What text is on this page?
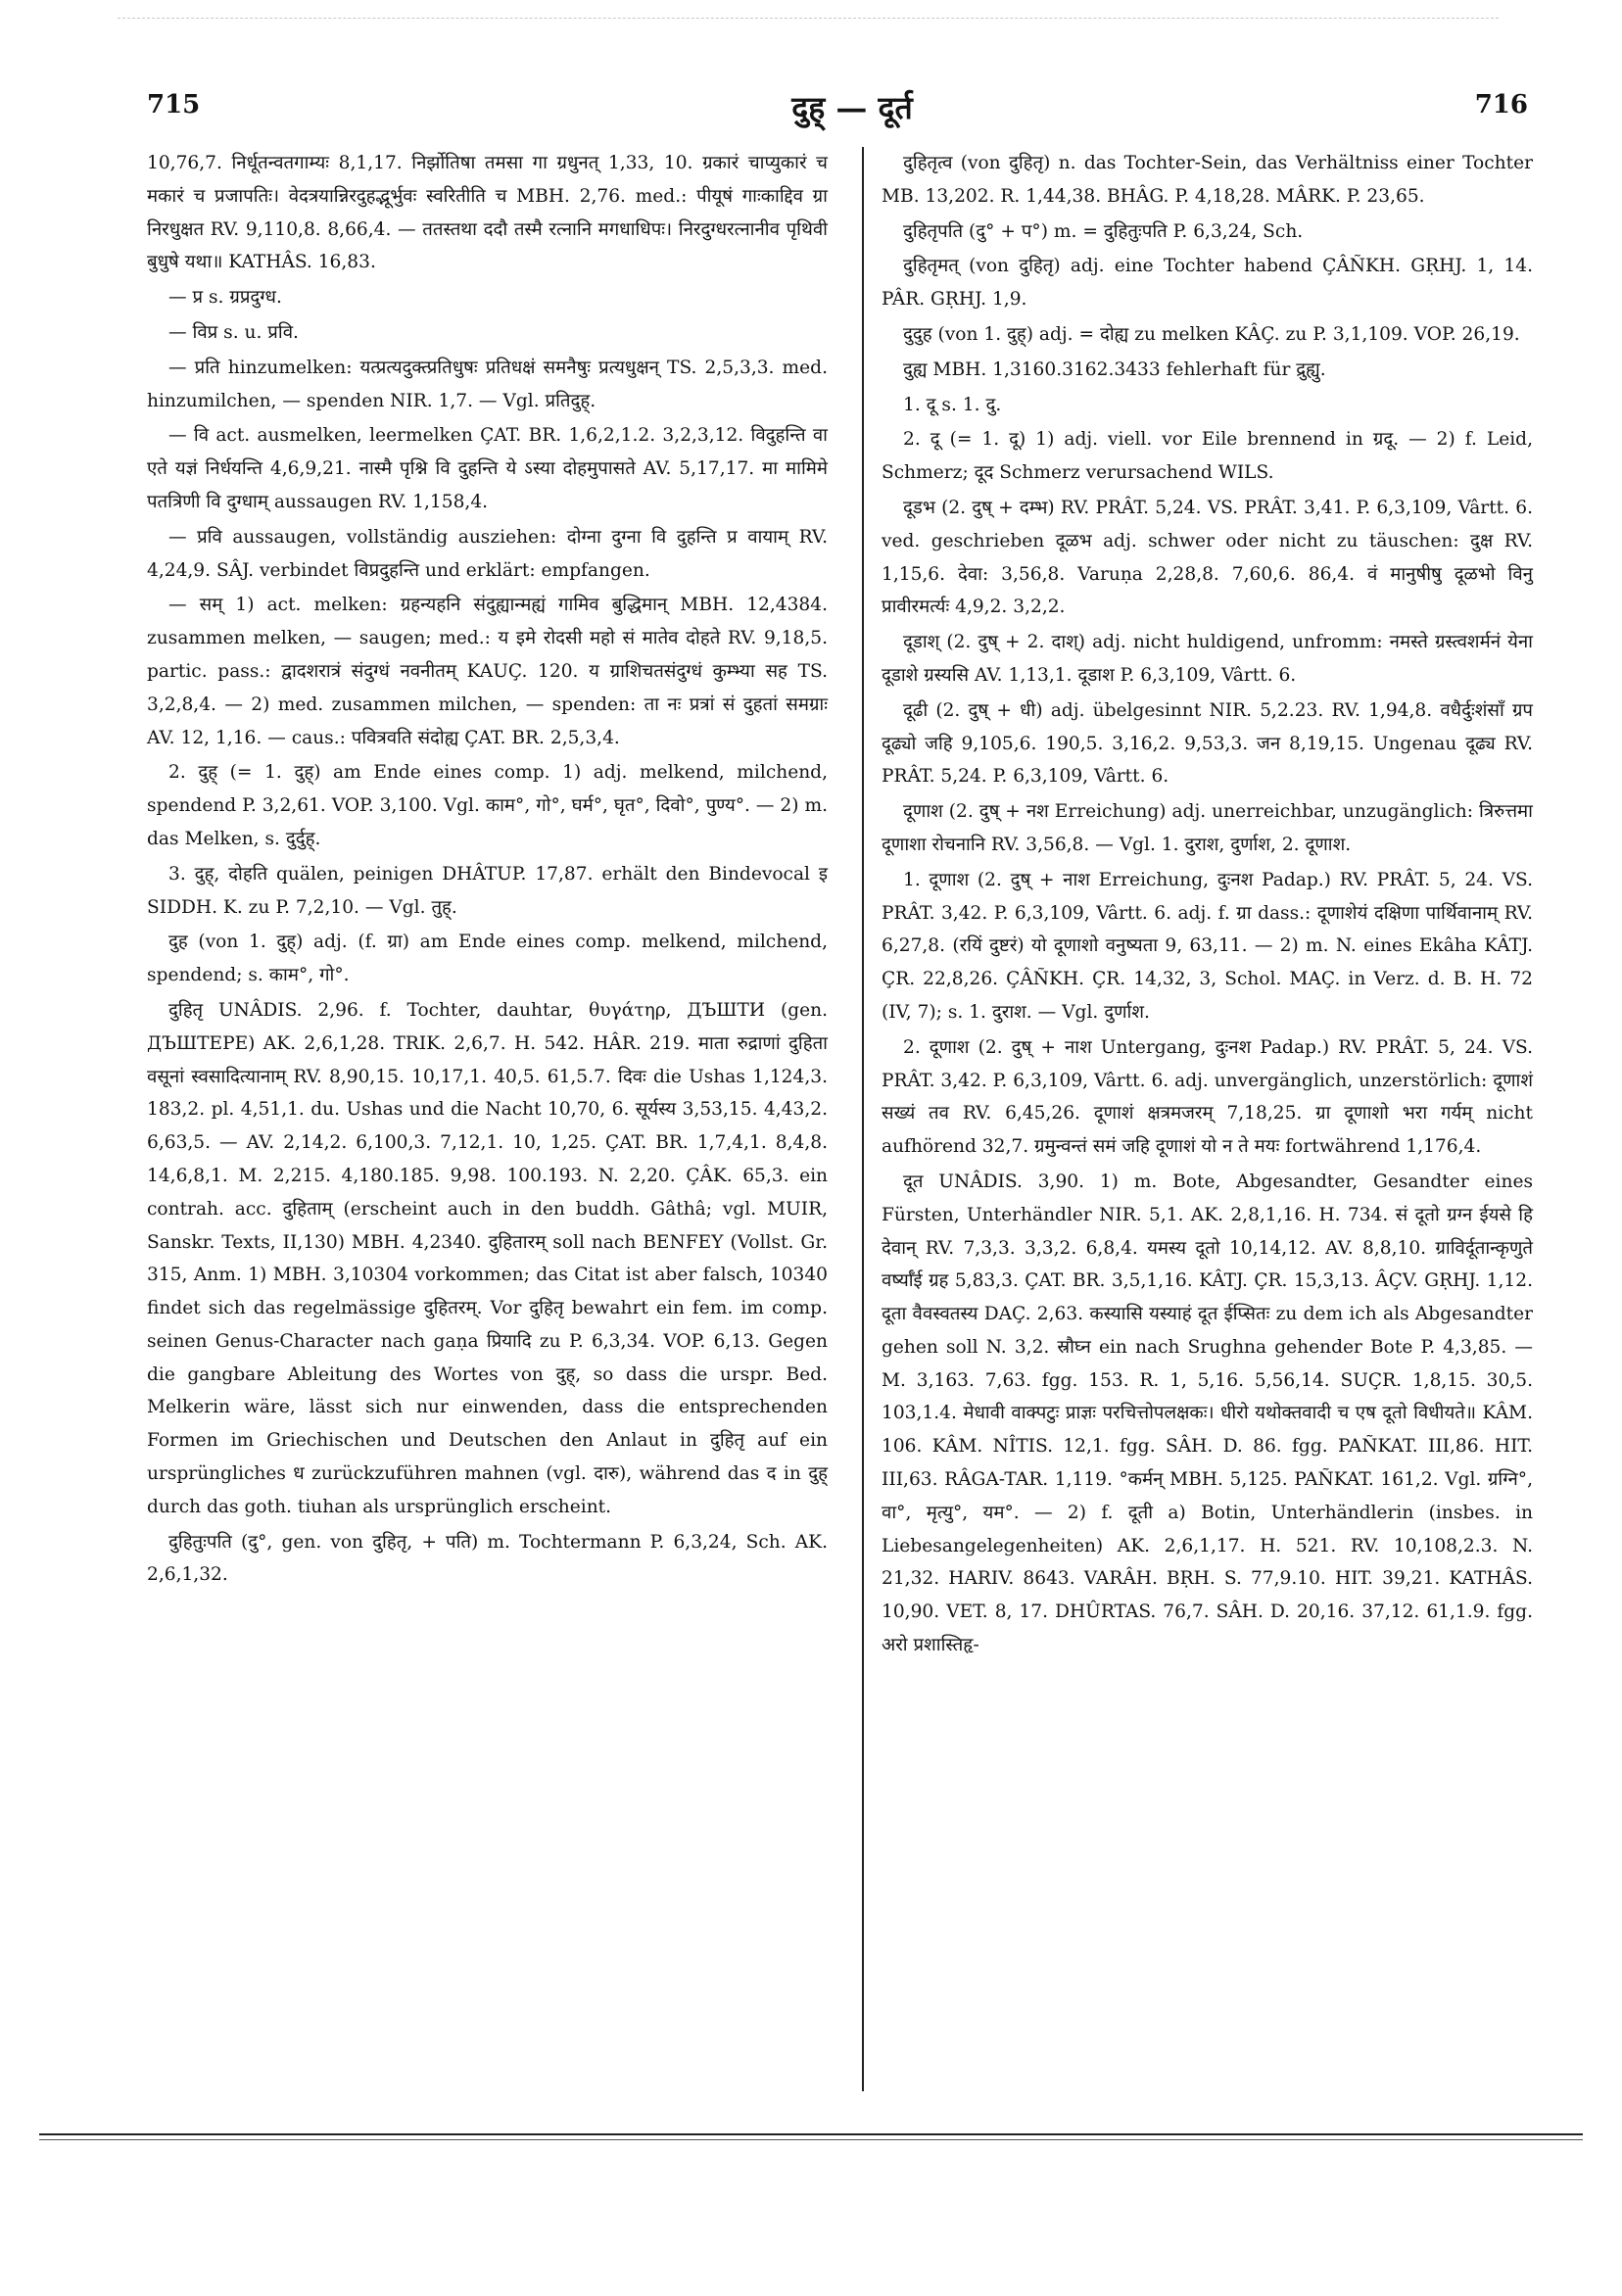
715	दुह् — दूर्त	716

10,76,7. निर्धूतन्वतगाम्यः 8,1,17. निर्झोतिषा तमसा गा ग्रधुनत् 1,33, 10. ग्रकारं चाप्युकारं च मकारं च प्रजापतिः। वेदत्रयान्निरदुहद्भूर्भुवः स्वरितीति च MBH. 2,76. med.: पीयूषं गाःकाद्दिव ग्रा निरधुक्षत RV. 9,110,8. 8,66,4. — ततस्तथा ददौ तस्मै रत्नानि मगधाधिपः। निरदुग्धरत्नानीव पृथिवी बुधुषे यथा॥ KATHÂS. 16,83.

— प्र s. ग्रप्रदुग्ध.

— विप्र s. u. प्रवि.

— प्रति hinzumelken: यत्प्रत्यदुक्त्प्रतिधुषः प्रतिधक्षं समनैषुः प्रत्यधुक्षन् TS. 2,5,3,3. med. hinzumilchen, — spenden NIR. 1,7. — Vgl. प्रतिदुह्.

— वि act. ausmelken, leermelken ÇAT. BR. 1,6,2,1.2. 3,2,3,12. विदुहन्ति वा एते यज्ञं निर्धयन्ति 4,6,9,21. नास्मै पृश्नि वि दुहन्ति ये ऽस्या दोहमुपासते AV. 5,17,17. मा मामिमे पतत्रिणी वि दुग्धाम् aussaugen RV. 1,158,4.

— प्रवि aussaugen, vollständig ausziehen: दोग्ना दुग्ना वि दुहन्ति प्र वायाम् RV. 4,24,9. SÂJ. verbindet विप्रदुहन्ति und erklärt: empfangen.

— सम् 1) act. melken: ग्रहन्यहनि संदुह्यान्मह्यं गामिव बुद्धिमान् MBH. 12,4384. zusammen melken, — saugen; med.: य इमे रोदसी महो सं मातेव दोहते RV. 9,18,5. partic. pass.: द्वादशरात्रं संदुग्धं नवनीतम् KAUÇ. 120. य ग्राशिचतसंदुग्धं कुम्भ्या सह TS. 3,2,8,4. — 2) med. zusammen milchen, — spenden: ता नः प्रत्रां सं दुहतां समग्राः AV. 12, 1,16. — caus.: पवित्रवति संदोह्य ÇAT. BR. 2,5,3,4.

2. दुह् (= 1. दुह्) am Ende eines comp. 1) adj. melkend, milchend, spendend P. 3,2,61. VOP. 3,100. Vgl. काम°, गो°, घर्म°, घृत°, दिवो°, पुण्य°. — 2) m. das Melken, s. दुर्दुह्.

3. दुह्, दोहति quälen, peinigen DHÂTUP. 17,87. erhält den Bindevocal इ SIDDH. K. zu P. 7,2,10. — Vgl. तुह्.

दुह (von 1. दुह्) adj. (f. ग्रा) am Ende eines comp. melkend, milchend, spendend; s. काम°, गो°.

दुहितृ UNÂDIS. 2,96. f. Tochter, dauhtar, θυγάτηρ, ДЪШТИ (gen. ДЪШТЕРЕ) AK. 2,6,1,28. TRIK. 2,6,7. H. 542. HÂR. 219. माता रुद्राणां दुहिता वसूनां स्वसादित्यानाम् RV. 8,90,15. 10,17,1. 40,5. 61,5.7. दिवः die Ushas 1,124,3. 183,2. pl. 4,51,1. du. Ushas und die Nacht 10,70, 6. सूर्यस्य 3,53,15. 4,43,2. 6,63,5. — AV. 2,14,2. 6,100,3. 7,12,1. 10, 1,25. ÇAT. BR. 1,7,4,1. 8,4,8. 14,6,8,1. M. 2,215. 4,180.185. 9,98. 100.193. N. 2,20. ÇÂK. 65,3. ein contrah. acc. दुहिताम् (erscheint auch in den buddh. Gâthâ; vgl. MUIR, Sanskr. Texts, II,130) MBH. 4,2340. दुहितारम् soll nach BENFEY (Vollst. Gr. 315, Anm. 1) MBH. 3,10304 vorkommen; das Citat ist aber falsch, 10340 findet sich das regelmässige दुहितरम्. Vor दुहितृ bewahrt ein fem. im comp. seinen Genus-Character nach gaṇa प्रियादि zu P. 6,3,34. VOP. 6,13. Gegen die gangbare Ableitung des Wortes von दुह्, so dass die urspr. Bed. Melkerin wäre, lässt sich nur einwenden, dass die entsprechenden Formen im Griechischen und Deutschen den Anlaut in दुहितृ auf ein ursprüngliches ध zurückzuführen mahnen (vgl. दारु), während das द in दुह् durch das goth. tiuhan als ursprünglich erscheint.

दुहितुःपति (दु°, gen. von दुहितृ, + पति) m. Tochtermann P. 6,3,24, Sch. AK. 2,6,1,32.

दुहितृत्व (von दुहितृ) n. das Tochter-Sein, das Verhältniss einer Tochter MB. 13,202. R. 1,44,38. BHÂG. P. 4,18,28. MÂRK. P. 23,65.

दुहितृपति (दु° + प°) m. = दुहितुःपति P. 6,3,24, Sch.

दुहितृमत् (von दुहितृ) adj. eine Tochter habend ÇÂÑKH. GṚHJ. 1, 14. PÂR. GṚHJ. 1,9.

दुदुह (von 1. दुह्) adj. = दोह्य zu melken KÂÇ. zu P. 3,1,109. VOP. 26,19.

दुह्य MBH. 1,3160.3162.3433 fehlerhaft für द्रुह्यु.

1. दू s. 1. दु.

2. दू (= 1. दू) 1) adj. viell. vor Eile brennend in ग्रदू. — 2) f. Leid, Schmerz; दूद Schmerz verursachend WILS.

दूडभ (2. दुष् + दम्भ) RV. PRÂT. 5,24. VS. PRÂT. 3,41. P. 6,3,109, Vârtt. 6. ved. geschrieben दूळभ adj. schwer oder nicht zu täuschen: दुक्ष RV. 1,15,6. देवा: 3,56,8. Varuṇa 2,28,8. 7,60,6. 86,4. वं मानुषीषु दूळभो विनु प्रावीरमर्त्यः 4,9,2. 3,2,2.

दूडाश् (2. दुष् + 2. दाश्) adj. nicht huldigend, unfromm: नमस्ते ग्रस्त्वशर्मनं येना दूडाशे ग्रस्यसि AV. 1,13,1. दूडाश P. 6,3,109, Vârtt. 6.

दूढी (2. दुष् + धी) adj. übelgesinnt NIR. 5,2.23. RV. 1,94,8. वधैर्दुःशंसाँ ग्रप दूढ्यो जहि 9,105,6. 190,5. 3,16,2. 9,53,3. जन 8,19,15. Ungenau दूढ्य RV. PRÂT. 5,24. P. 6,3,109, Vârtt. 6.

दूणाश (2. दुष् + नश Erreichung) adj. unerreichbar, unzugänglich: त्रिरुत्तमा दूणाशा रोचनानि RV. 3,56,8. — Vgl. 1. दुराश, दुर्णाश, 2. दूणाश.

1. दूणाश (2. दुष् + नाश Erreichung, दुःनश Padap.) RV. PRÂT. 5, 24. VS. PRÂT. 3,42. P. 6,3,109, Vârtt. 6. adj. f. ग्रा dass.: दूणाशेयं दक्षिणा पार्थिवानाम् RV. 6,27,8. (रयिं दुष्टरं) यो दूणाशो वनुष्यता 9, 63,11. — 2) m. N. eines Ekâha KÂTJ. ÇR. 22,8,26. ÇÂÑKH. ÇR. 14,32, 3, Schol. MAÇ. in Verz. d. B. H. 72 (IV, 7); s. 1. दुराश. — Vgl. दुर्णाश.

2. दूणाश (2. दुष् + नाश Untergang, दुःनश Padap.) RV. PRÂT. 5, 24. VS. PRÂT. 3,42. P. 6,3,109, Vârtt. 6. adj. unvergänglich, unzerstörlich: दूणाशं सख्यं तव RV. 6,45,26. दूणाशं क्षत्रमजरम् 7,18,25. ग्रा दूणाशो भरा गर्यम् nicht aufhörend 32,7. ग्रमुन्वन्तं समं जहि दूणाशं यो न ते मयः fortwährend 1,176,4.

दूत UNÂDIS. 3,90. 1) m. Bote, Abgesandter, Gesandter eines Fürsten, Unterhändler NIR. 5,1. AK. 2,8,1,16. H. 734. सं दूतो ग्रग्न ईयसे हि देवान् RV. 7,3,3. 3,3,2. 6,8,4. यमस्य दूतो 10,14,12. AV. 8,8,10. ग्राविर्दूतान्कृणुते वर्ष्याँई ग्रह 5,83,3. ÇAT. BR. 3,5,1,16. KÂTJ. ÇR. 15,3,13. ÂÇV. GṚHJ. 1,12. दूता वैवस्वतस्य DAÇ. 2,63. कस्यासि यस्याहं दूत ईप्सितः zu dem ich als Abgesandter gehen soll N. 3,2. स्रौघ्न ein nach Srughna gehender Bote P. 4,3,85. — M. 3,163. 7,63. fgg. 153. R. 1, 5,16. 5,56,14. SUÇR. 1,8,15. 30,5. 103,1.4. मेधावी वाक्पटुः प्राज्ञः परचित्तोपलक्षकः। धीरो यथोक्तवादी च एष दूतो विधीयते॥ KÂM. 106. KÂM. NÎTIS. 12,1. fgg. SÂH. D. 86. fgg. PAÑKAT. III,86. HIT. III,63. RÂGA-TAR. 1,119. °कर्मन् MBH. 5,125. PAÑKAT. 161,2. Vgl. ग्रग्नि°, वा°, मृत्यु°, यम°. — 2) f. दूती a) Botin, Unterhändlerin (insbes. in Liebesangelegenheiten) AK. 2,6,1,17. H. 521. RV. 10,108,2.3. N. 21,32. HARIV. 8643. VARÂH. BṚH. S. 77,9.10. HIT. 39,21. KATHÂS. 10,90. VET. 8, 17. DHÛRTAS. 76,7. SÂH. D. 20,16. 37,12. 61,1.9. fgg. अरो प्रशास्तिहृ-
